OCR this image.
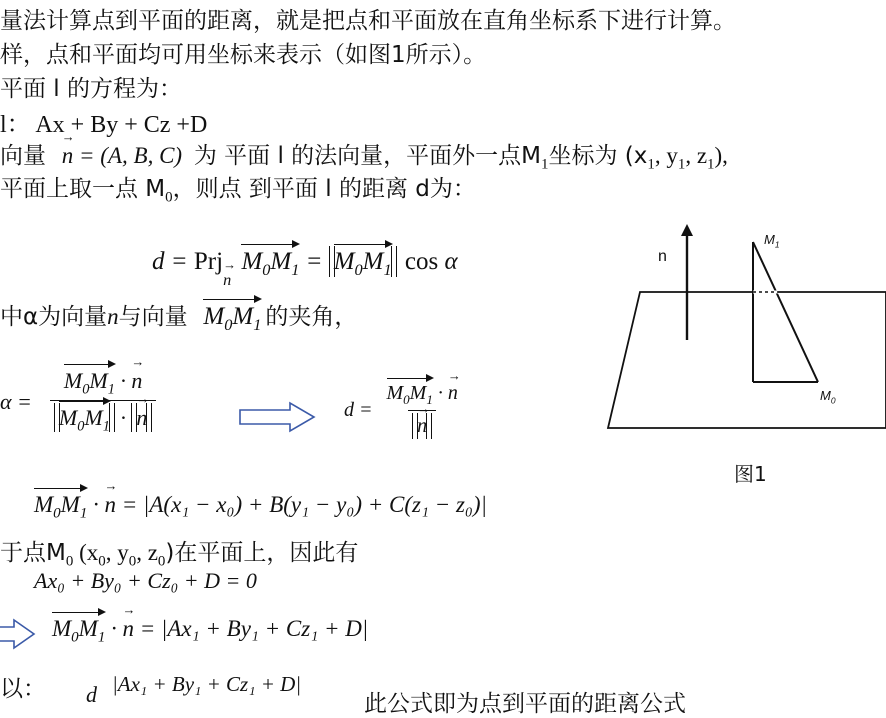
量法计算点到平面的距离，就是把点和平面放在直角坐标系下进行计算。
样，点和平面均可用坐标来表示（如图1所示）。
平面 l 的方程为：
l： Ax + By + Cz +D
向量 → n = (A, B, C) 为 平面 l 的法向量，平面外一点$M_1$坐标为 ($x_1$, $y_1$, $z_1$),
平面上取一点 $M_0$，则点 到平面 l 的距离 d为：
d = Prj→ $_n$ $M_0M_1 = M_0M_1$ cos α
中α为向量n与向量 $M_0M_1$ 的夹角，
$\alpha = \frac{M_0M_1 \cdot \to n}{M_0M_1 \cdot \to n}$	$d = M_0M_1$ · → n
→ n
$M_0M_1$ · → n = |A(x₁ − x₀) + B(y₁ − y₀) + C(z₁ − z₀)|
于点$M_0$ ($x_0$, $y_0$, $z_0$)在平面上，因此有
Ax₀ + By₀ + Cz₀ + D = 0
$M_0M_1$ · → n = |Ax₁ + By₁ + Cz₁ + D|
以： d |Ax₁ + By₁ + Cz₁ + D|
此公式即为点到平面的距离公式
n
$M_1$
$M_0$
图1
